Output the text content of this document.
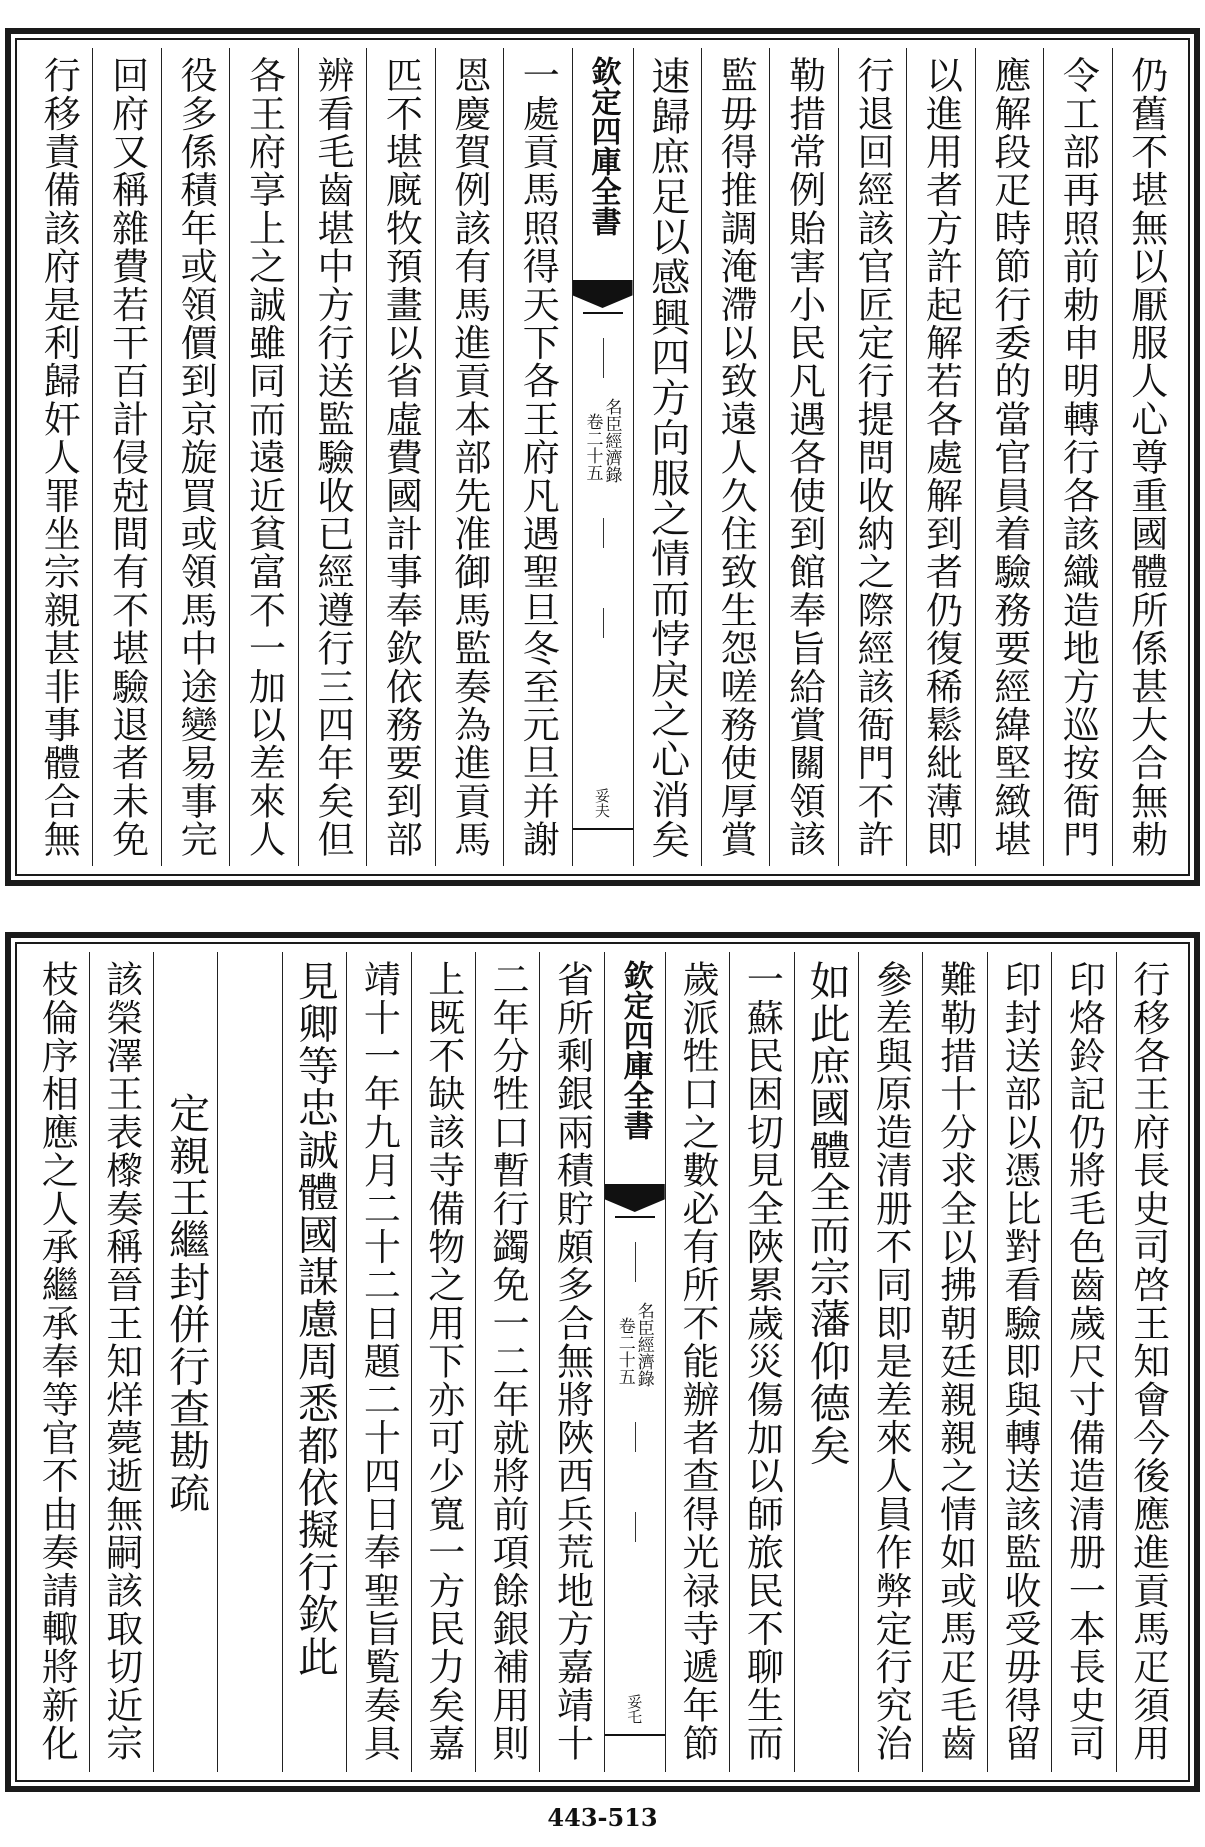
仍舊不堪無以厭服人心尊重國體所係甚大合無勅
令工部再照前勅申明轉行各該織造地方巡按衙門
應解段疋時節行委的當官員着驗務要經緯堅緻堪
以進用者方許起解若各處解到者仍復稀鬆紕薄即
行退回經該官匠定行提問收納之際經該衙門不許
勒措常例貽害小民凡遇各使到館奉旨給賞關領該
監毋得推調淹滯以致遠人久住致生怨嗟務使厚賞
速歸庶足以感興四方向服之情而悖戾之心消矣
欽定四庫全書
名臣經濟錄
卷二十五
妥夫
一處貢馬照得天下各王府凡遇聖旦冬至元旦并謝
恩慶賀例該有馬進貢本部先准御馬監奏為進貢馬
匹不堪廐牧預畫以省虛費國計事奉欽依務要到部
辨看毛齒堪中方行送監驗收已經遵行三四年矣但
各王府享上之誠雖同而遠近貧富不一加以差來人
役多係積年或領價到京旋買或領馬中途變易事完
回府又稱雜費若干百計侵尅間有不堪驗退者未免
行移責備該府是利歸奸人罪坐宗親甚非事體合無
行移各王府長史司啓王知會今後應進貢馬疋須用
印烙鈴記仍將毛色齒歲尺寸備造清册一本長史司
印封送部以憑比對看驗即與轉送該監收受毋得留
難勒措十分求全以拂朝廷親親之情如或馬疋毛齒
參差與原造清册不同即是差來人員作弊定行究治
如此庶國體全而宗藩仰德矣
一蘇民困切見全陜累歲災傷加以師旅民不聊生而
歲派牲口之數必有所不能辦者查得光禄寺遞年節
欽定四庫全書
名臣經濟錄
卷二十五
妥乇
省所剩銀兩積貯頗多合無將陜西兵荒地方嘉靖十
二年分牲口暫行蠲免一二年就將前項餘銀補用則
上既不缺該寺備物之用下亦可少寬一方民力矣嘉
靖十一年九月二十二日題二十四日奉聖旨覧奏具
見卿等忠誠體國謀慮周悉都依擬行欽此
定親王繼封併行查勘疏
該榮澤王表㰀奏稱晉王知烊薨逝無嗣該取切近宗
枝倫序相應之人承繼承奉等官不由奏請輙將新化
443-513
